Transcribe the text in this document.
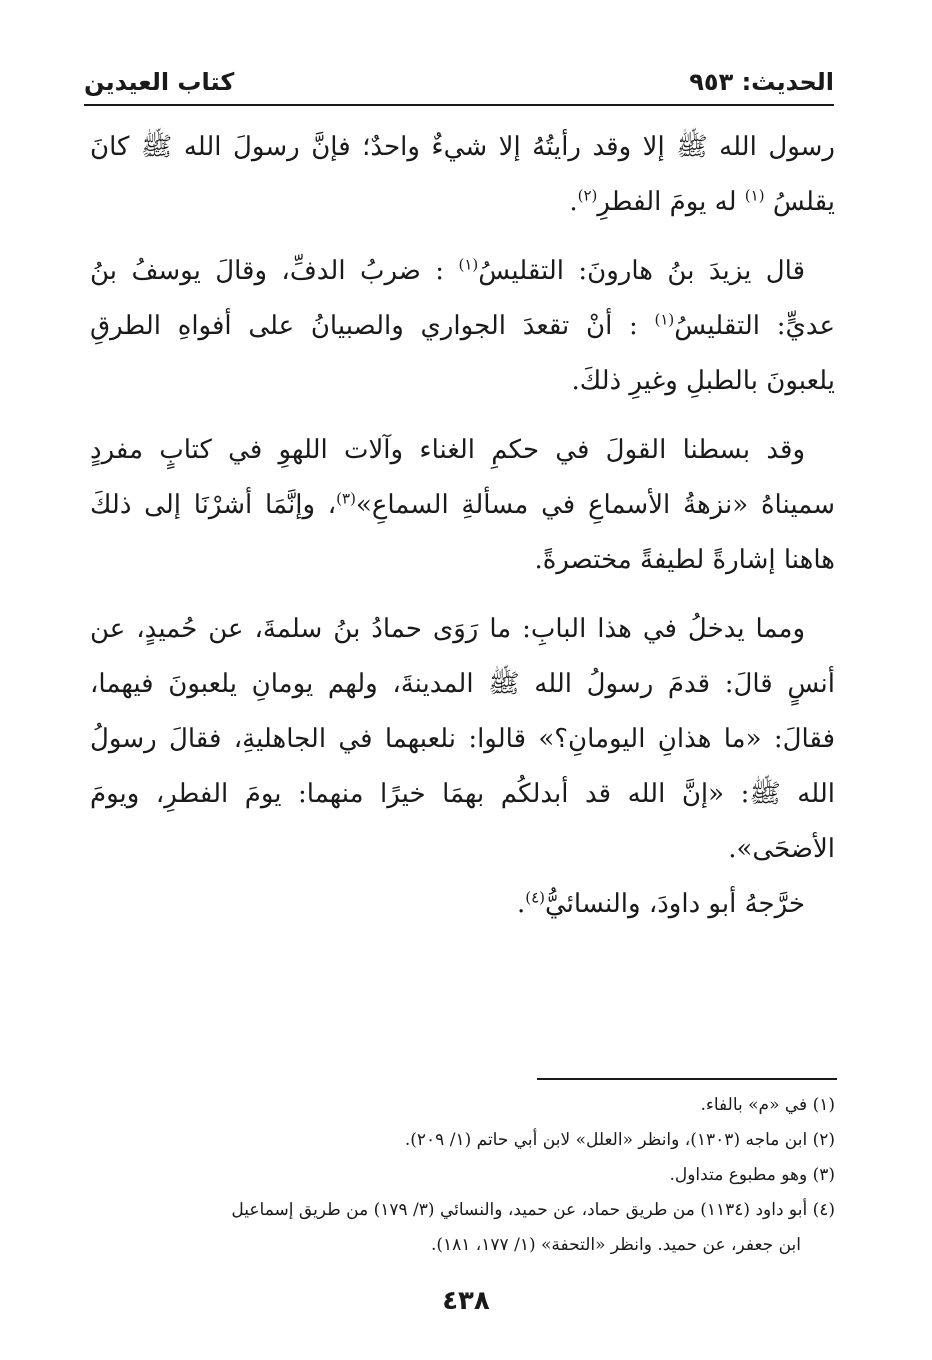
الحديث: ٩٥٣
كتاب العيدين

رسول الله ﷺ إلا وقد رأيتُهُ إلا شيءٌ واحدٌ؛ فإنَّ رسولَ الله ﷺ كانَ يقلسُ $^{(١)}$ له يومَ الفطرِ$^{(٢)}$.

قال يزيدَ بنُ هارونَ: التقليسُ$^{(١)}$ : ضربُ الدفِّ، وقالَ يوسفُ بنُ عديٍّ: التقليسُ$^{(١)}$ : أنْ تقعدَ الجواري والصبيانُ على أفواهِ الطرقِ يلعبونَ بالطبلِ وغيرِ ذلكَ.

وقد بسطنا القولَ في حكمِ الغناء وآلات اللهوِ في كتابٍ مفردٍ سميناهُ «نزهةُ الأسماعِ في مسألةِ السماعِ»$^{(٣)}$، وإنَّمَا أشرْنَا إلى ذلكَ هاهنا إشارةً لطيفةً مختصرةً.

ومما يدخلُ في هذا البابِ: ما رَوَى حمادُ بنُ سلمةَ، عن حُميدٍ، عن أنسٍ قالَ: قدمَ رسولُ الله ﷺ المدينةَ، ولهم يومانِ يلعبونَ فيهما، فقالَ: «ما هذانِ اليومانِ؟» قالوا: نلعبهما في الجاهليةِ، فقالَ رسولُ الله ﷺ: «إنَّ الله قد أبدلكُم بهمَا خيرًا منهما: يومَ الفطرِ، ويومَ الأضحَى».

خرَّجهُ أبو داودَ، والنسائيُّ$^{(٤)}$.

(١) في «م» بالفاء.

(٢) ابن ماجه (١٣٠٣)، وانظر «العلل» لابن أبي حاتم (١/ ٢٠٩).

(٣) وهو مطبوع متداول.

(٤) أبو داود (١١٣٤) من طريق حماد، عن حميد، والنسائي (٣/ ١٧٩) من طريق إسماعيل

ابن جعفر، عن حميد. وانظر «التحفة» (١/ ١٧٧، ١٨١).

٤٣٨
